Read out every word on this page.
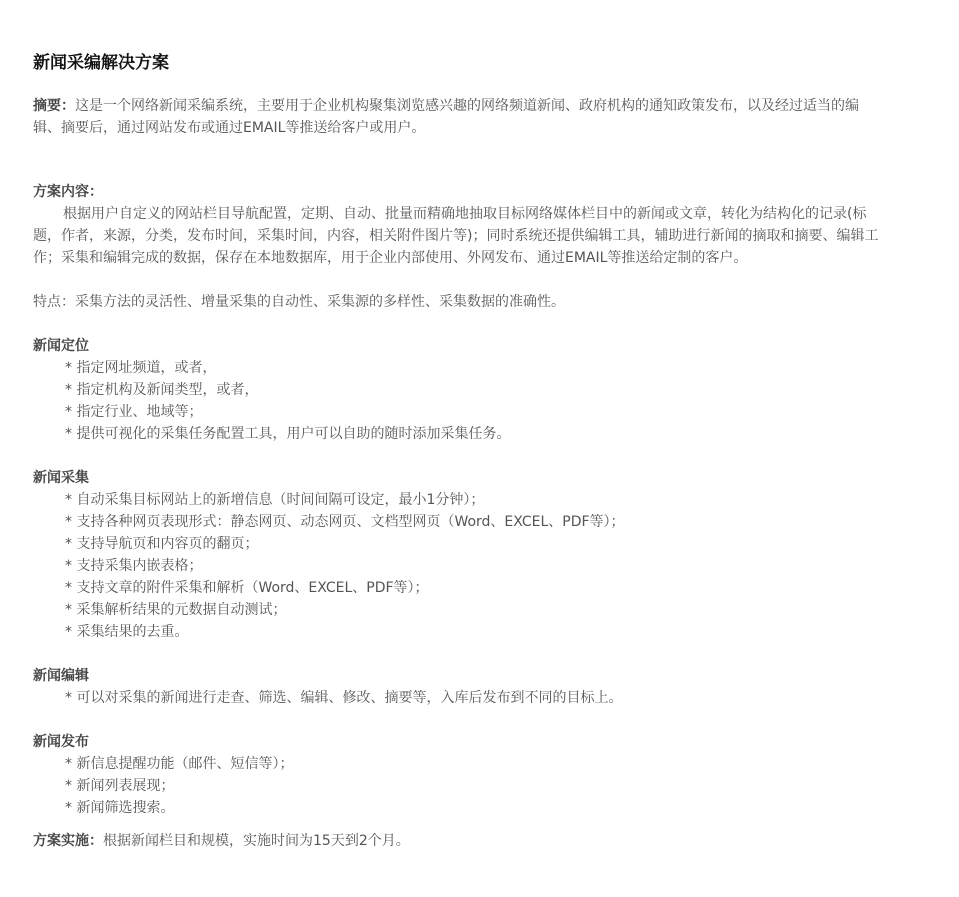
新闻采编解决方案

摘要：这是一个网络新闻采编系统，主要用于企业机构聚集浏览感兴趣的网络频道新闻、政府机构的通知政策发布，以及经过适当的编辑、摘要后，通过网站发布或通过EMAIL等推送给客户或用户。

方案内容：

根据用户自定义的网站栏目导航配置，定期、自动、批量而精确地抽取目标网络媒体栏目中的新闻或文章，转化为结构化的记录(标题，作者，来源，分类，发布时间，采集时间，内容，相关附件图片等)；同时系统还提供编辑工具，辅助进行新闻的摘取和摘要、编辑工作；采集和编辑完成的数据，保存在本地数据库，用于企业内部使用、外网发布、通过EMAIL等推送给定制的客户。

特点：采集方法的灵活性、增量采集的自动性、采集源的多样性、采集数据的准确性。

新闻定位
* 指定网址频道，或者，
* 指定机构及新闻类型，或者，
* 指定行业、地域等；
* 提供可视化的采集任务配置工具，用户可以自助的随时添加采集任务。
新闻采集
* 自动采集目标网站上的新增信息（时间间隔可设定，最小1分钟）；
* 支持各种网页表现形式：静态网页、动态网页、文档型网页（Word、EXCEL、PDF等）；
* 支持导航页和内容页的翻页；
* 支持采集内嵌表格；
* 支持文章的附件采集和解析（Word、EXCEL、PDF等）；
* 采集解析结果的元数据自动测试；
* 采集结果的去重。
新闻编辑
* 可以对采集的新闻进行走查、筛选、编辑、修改、摘要等，入库后发布到不同的目标上。
新闻发布
* 新信息提醒功能（邮件、短信等）；
* 新闻列表展现；
* 新闻筛选搜索。

方案实施：根据新闻栏目和规模，实施时间为15天到2个月。
